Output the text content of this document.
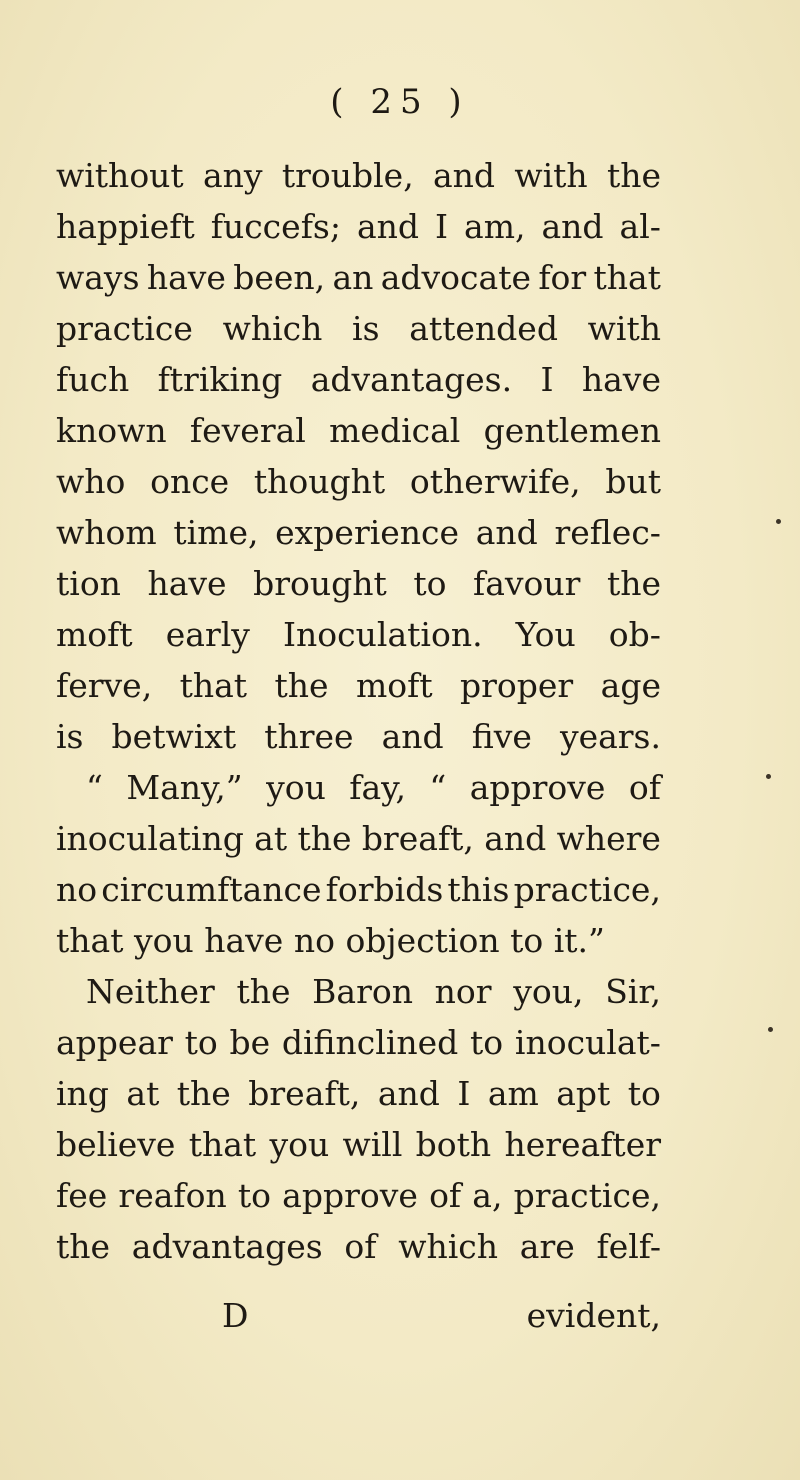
( 25 )
without any trouble, and with the
happieft fuccefs; and I am, and al-
ways have been, an advocate for that
practice which is attended with
fuch ftriking advantages. I have
known feveral medical gentlemen
who once thought otherwife, but
whom time, experience and reflec-
tion have brought to favour the
moft early Inoculation. You ob-
ferve, that the moft proper age
is betwixt three and five years.
“ Many,” you fay, “ approve of
inoculating at the breaft, and where
no circumftance forbids this practice,
that you have no objection to it.”
Neither the Baron nor you, Sir,
appear to be difinclined to inoculat-
ing at the breaft, and I am apt to
believe that you will both hereafter
fee reafon to approve of a, practice,
the advantages of which are felf-
D	evident,
